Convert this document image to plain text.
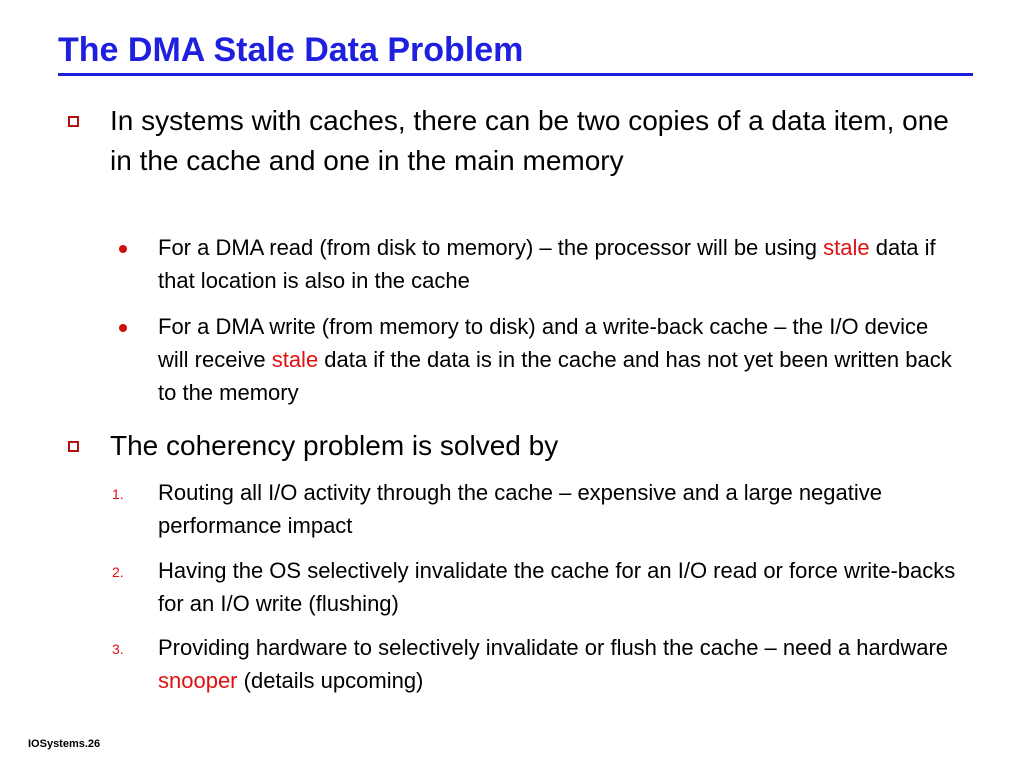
The DMA Stale Data Problem

In systems with caches, there can be two copies of a data item, one in the cache and one in the main memory

For a DMA read (from disk to memory) – the processor will be using stale data if that location is also in the cache

For a DMA write (from memory to disk) and a write-back cache – the I/O device will receive stale data if the data is in the cache and has not yet been written back to the memory

The coherency problem is solved by

1. Routing all I/O activity through the cache – expensive and a large negative performance impact

2. Having the OS selectively invalidate the cache for an I/O read or force write-backs for an I/O write (flushing)

3. Providing hardware to selectively invalidate or flush the cache – need a hardware snooper (details upcoming)

IOSystems.26
